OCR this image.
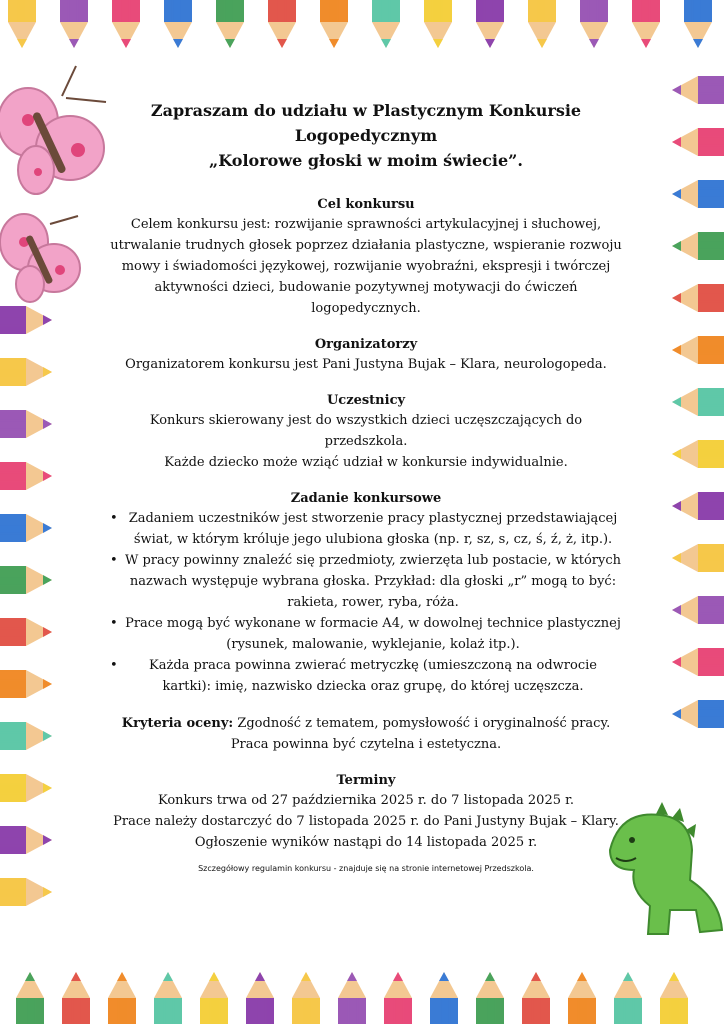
Zapraszam do udziału w Plastycznym Konkursie
Logopedycznym
„Kolorowe głoski w moim świecie”.

Cel konkursu

Celem konkursu jest: rozwijanie sprawności artykulacyjnej i słuchowej, utrwalanie trudnych głosek poprzez działania plastyczne, wspieranie rozwoju mowy i świadomości językowej, rozwijanie wyobraźni, ekspresji i twórczej aktywności dzieci, budowanie pozytywnej motywacji do ćwiczeń logopedycznych.

Organizatorzy

Organizatorem konkursu jest Pani Justyna Bujak – Klara, neurologopeda.

Uczestnicy

Konkurs skierowany jest do wszystkich dzieci uczęszczających do przedszkola.

Każde dziecko może wziąć udział w konkursie indywidualnie.

Zadanie konkursowe

• Zadaniem uczestników jest stworzenie pracy plastycznej przedstawiającej świat, w którym króluje jego ulubiona głoska (np. r, sz, s, cz, ś, ź, ż, itp.).
• W pracy powinny znaleźć się przedmioty, zwierzęta lub postacie, w których nazwach występuje wybrana głoska. Przykład: dla głoski „r” mogą to być: rakieta, rower, ryba, róża.
• Prace mogą być wykonane w formacie A4, w dowolnej technice plastycznej (rysunek, malowanie, wyklejanie, kolaż itp.).
• Każda praca powinna zwierać metryczkę (umieszczoną na odwrocie kartki): imię, nazwisko dziecka oraz grupę, do której uczęszcza.

Kryteria oceny: Zgodność z tematem, pomysłowość i oryginalność pracy.

Praca powinna być czytelna i estetyczna.

Terminy

Konkurs trwa od 27 października 2025 r. do 7 listopada 2025 r.

Prace należy dostarczyć do 7 listopada 2025 r. do Pani Justyny Bujak – Klary.

Ogłoszenie wyników nastąpi do 14 listopada 2025 r.

Szczegółowy regulamin konkursu - znajduje się na stronie internetowej Przedszkola.
